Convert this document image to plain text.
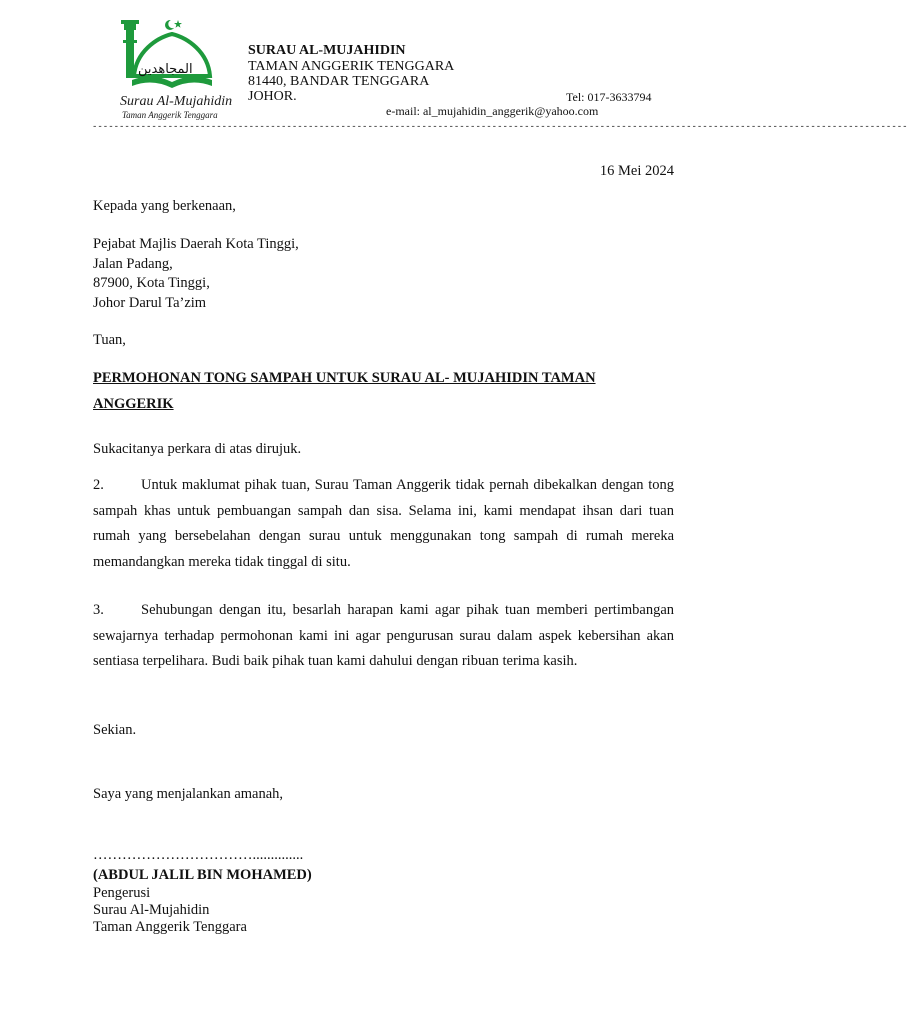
المجاهدين
Surau Al-Mujahidin
Taman Anggerik Tenggara
SURAU AL-MUJAHIDIN
TAMAN ANGGERIK TENGGARA
81440, BANDAR TENGGARA
JOHOR.	Tel: 017-3633794
e-mail: al_mujahidin_anggerik@yahoo.com
-------------------------------------------------------------------------------------------------------------------------------------------------------
16 Mei 2024
Kepada yang berkenaan,
Pejabat Majlis Daerah Kota Tinggi,
Jalan Padang,
87900, Kota Tinggi,
Johor Darul Ta’zim
Tuan,
PERMOHONAN TONG SAMPAH UNTUK SURAU AL- MUJAHIDIN TAMAN ANGGERIK
Sukacitanya perkara di atas dirujuk.
2.	Untuk maklumat pihak tuan, Surau Taman Anggerik tidak pernah dibekalkan dengan tong sampah khas untuk pembuangan sampah dan sisa. Selama ini, kami mendapat ihsan dari tuan rumah yang bersebelahan dengan surau untuk menggunakan tong sampah di rumah mereka memandangkan mereka tidak tinggal di situ.
3.	Sehubungan dengan itu, besarlah harapan kami agar pihak tuan memberi pertimbangan sewajarnya terhadap permohonan kami ini agar pengurusan surau dalam aspek kebersihan akan sentiasa terpelihara. Budi baik pihak tuan kami dahului dengan ribuan terima kasih.
Sekian.
Saya yang menjalankan amanah,
……………………………..............
(ABDUL JALIL BIN MOHAMED)
Pengerusi
Surau Al-Mujahidin
Taman Anggerik Tenggara
